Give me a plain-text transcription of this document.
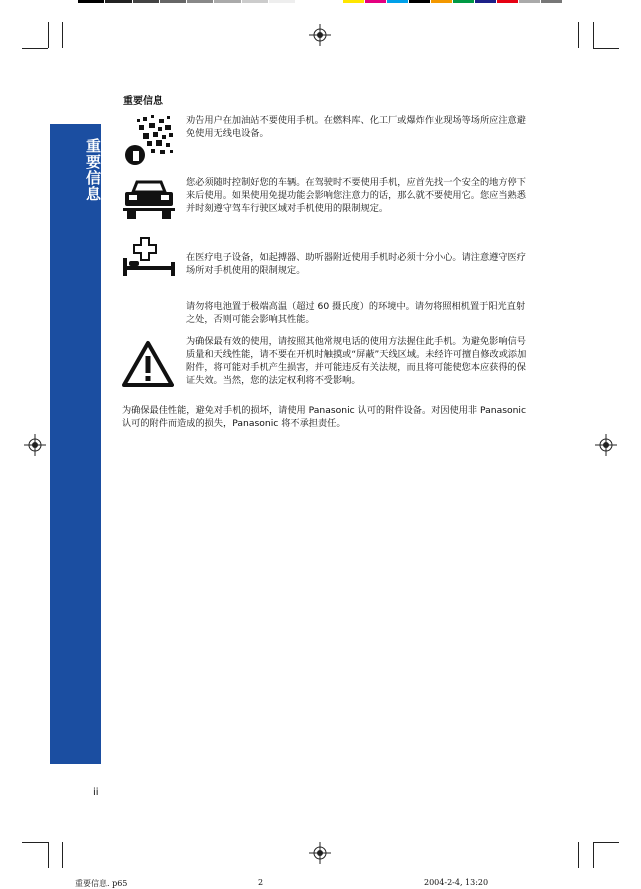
重要信息
重要信息
劝告用户在加油站不要使用手机。在燃料库、化工厂或爆炸作业现场等场所应注意避免使用无线电设备。
您必须随时控制好您的车辆。在驾驶时不要使用手机，应首先找一个安全的地方停下来后使用。如果使用免提功能会影响您注意力的话，那么就不要使用它。您应当熟悉并时刻遵守驾车行驶区域对手机使用的限制规定。
在医疗电子设备，如起搏器、助听器附近使用手机时必须十分小心。请注意遵守医疗场所对手机使用的限制规定。
请勿将电池置于极端高温（超过 60 摄氏度）的环境中。请勿将照相机置于阳光直射之处，否则可能会影响其性能。
为确保最有效的使用，请按照其他常规电话的使用方法握住此手机。为避免影响信号质量和天线性能，请不要在开机时触摸或“屏蔽”天线区域。未经许可擅自修改或添加附件，将可能对手机产生损害，并可能违反有关法规，而且将可能使您本应获得的保证失效。当然，您的法定权利将不受影响。
为确保最佳性能，避免对手机的损坏，请使用 Panasonic 认可的附件设备。对因使用非 Panasonic 认可的附件而造成的损失，Panasonic 将不承担责任。
ii
重要信息. p65	2	2004-2-4, 13:20
